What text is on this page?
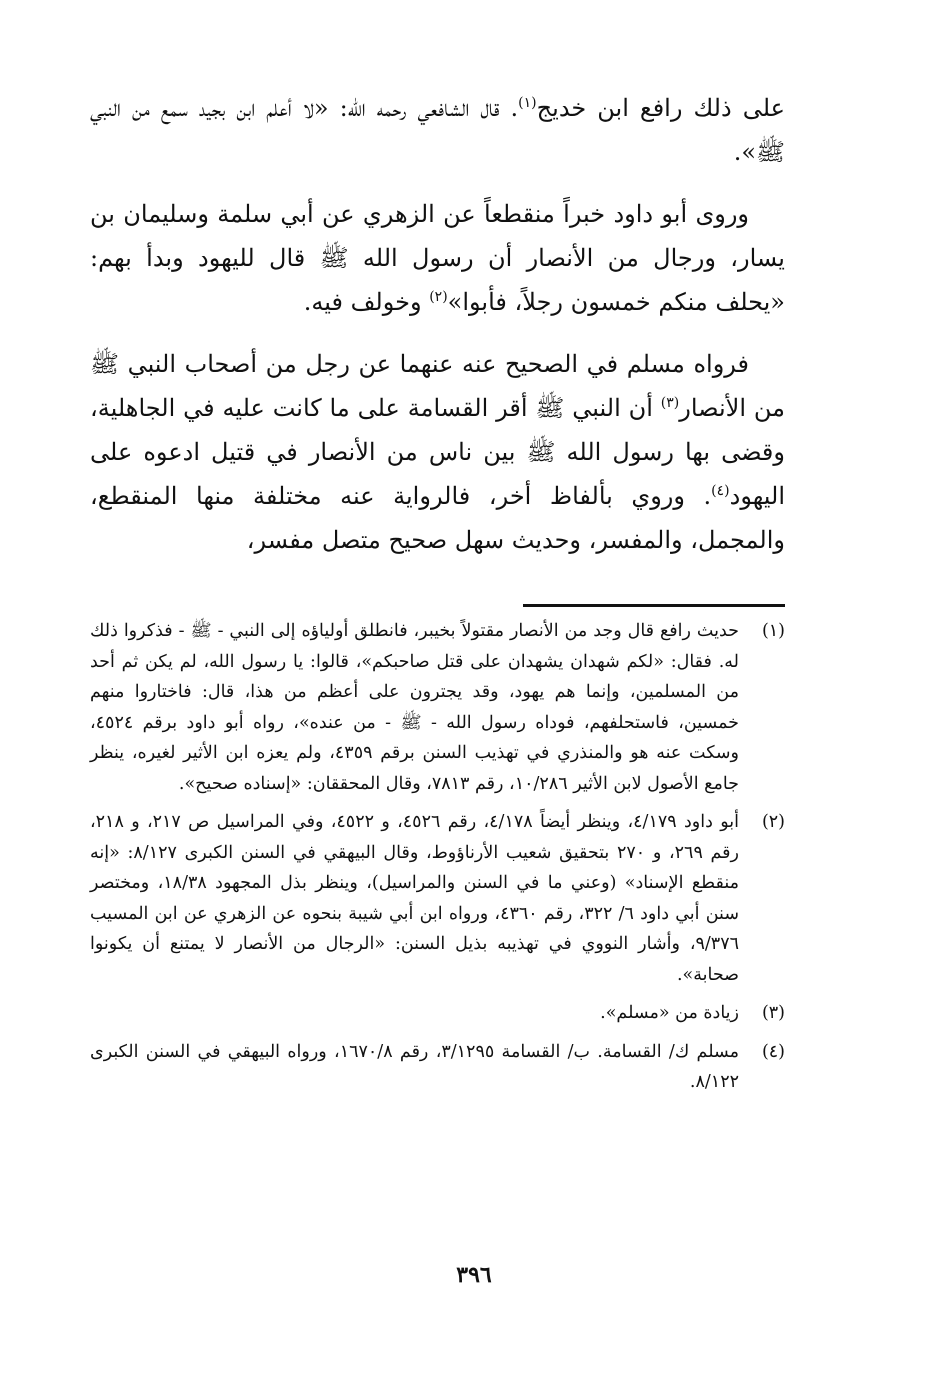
على ذلك رافع ابن خديج$^{(١)}$. قال الشافعي رحمه الله: «لا أعلم ابن بجيد سمع من النبي ﷺ».

وروى أبو داود خبراً منقطعاً عن الزهري عن أبي سلمة وسليمان بن يسار، ورجال من الأنصار أن رسول الله ﷺ قال لليهود وبدأ بهم: «يحلف منكم خمسون رجلاً، فأبوا»$^{(٢)}$ وخولف فيه.

فرواه مسلم في الصحيح عنه عنهما عن رجل من أصحاب النبي ﷺ من الأنصار$^{(٣)}$ أن النبي ﷺ أقر القسامة على ما كانت عليه في الجاهلية، وقضى بها رسول الله ﷺ بين ناس من الأنصار في قتيل ادعوه على اليهود$^{(٤)}$. وروي بألفاظ أخر، فالرواية عنه مختلفة منها المنقطع، والمجمل، والمفسر، وحديث سهل صحيح متصل مفسر،

(١)
حديث رافع قال وجد من الأنصار مقتولاً بخيبر، فانطلق أولياؤه إلى النبي - ﷺ - فذكروا ذلك له. فقال: «لكم شهدان يشهدان على قتل صاحبكم»، قالوا: يا رسول الله، لم يكن ثم أحد من المسلمين، وإنما هم يهود، وقد يجترون على أعظم من هذا، قال: فاختاروا منهم خمسين، فاستحلفهم، فوداه رسول الله - ﷺ - من عنده»، رواه أبو داود برقم ٤٥٢٤، وسكت عنه هو والمنذري في تهذيب السنن برقم ٤٣٥٩، ولم يعزه ابن الأثير لغيره، ينظر جامع الأصول لابن الأثير ١٠/٢٨٦، رقم ٧٨١٣، وقال المحققان: «إسناده صحيح».
(٢)
أبو داود ٤/١٧٩، وينظر أيضاً ٤/١٧٨، رقم ٤٥٢٦، و ٤٥٢٢، وفي المراسيل ص ٢١٧، و ٢١٨، رقم ٢٦٩، و ٢٧٠ بتحقيق شعيب الأرناؤوط، وقال البيهقي في السنن الكبرى ٨/١٢٧: «إنه منقطع الإسناد» (وعني ما في السنن والمراسيل)، وينظر بذل المجهود ١٨/٣٨، ومختصر سنن أبي داود ٦/ ٣٢٢، رقم ٤٣٦٠، ورواه ابن أبي شيبة بنحوه عن الزهري عن ابن المسيب ٩/٣٧٦، وأشار النووي في تهذيبه بذيل السنن: «الرجال من الأنصار لا يمتنع أن يكونوا صحابة».
(٣)
زيادة من «مسلم».
(٤)
مسلم ك/ القسامة. ب/ القسامة ٣/١٢٩٥، رقم ١٦٧٠/٨، ورواه البيهقي في السنن الكبرى ٨/١٢٢.
٣٩٦
